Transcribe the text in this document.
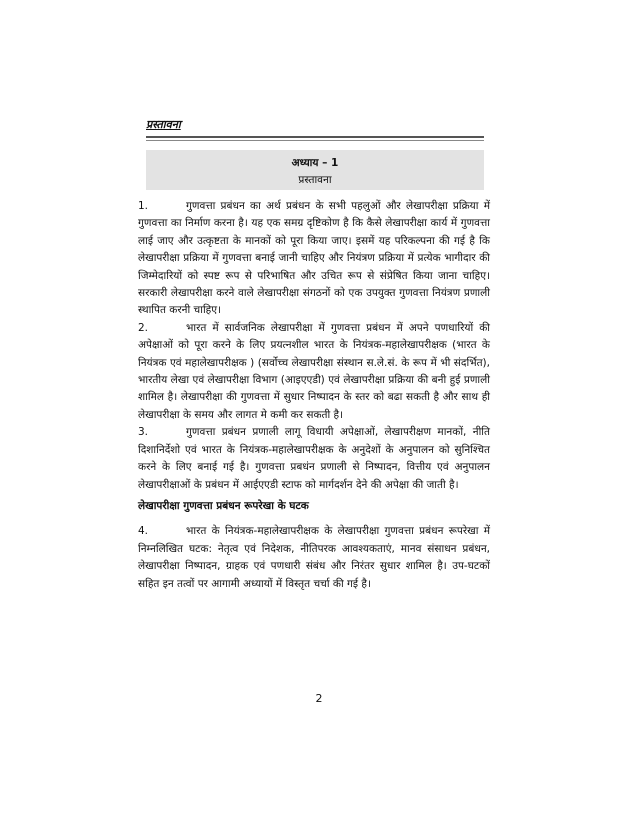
प्रस्तावना
अध्याय – 1
प्रस्तावना

1.	गुणवत्ता प्रबंधन का अर्थ प्रबंधन के सभी पहलुओं और लेखापरीक्षा प्रक्रिया में गुणवत्ता का निर्माण करना है। यह एक समग्र दृष्टिकोण है कि कैसे लेखापरीक्षा कार्य में गुणवत्ता लाई जाए और उत्कृष्टता के मानकों को पूरा किया जाए। इसमें यह परिकल्पना की गई है कि लेखापरीक्षा प्रक्रिया में गुणवत्ता बनाई जानी चाहिए और नियंत्रण प्रक्रिया में प्रत्येक भागीदार की जिम्मेदारियों को स्पष्ट रूप से परिभाषित और उचित रूप से संप्रेषित किया जाना चाहिए। सरकारी लेखापरीक्षा करने वाले लेखापरीक्षा संगठनों को एक उपयुक्त गुणवत्ता नियंत्रण प्रणाली स्थापित करनी चाहिए।

2.	भारत में सार्वजनिक लेखापरीक्षा में गुणवत्ता प्रबंधन में अपने पणधारियों की अपेक्षाओं को पूरा करने के लिए प्रयत्नशील भारत के नियंत्रक-महालेखापरीक्षक (भारत के नियंत्रक एवं महालेखापरीक्षक ) (सर्वोच्च लेखापरीक्षा संस्थान स.ले.सं. के रूप में भी संदर्भित), भारतीय लेखा एवं लेखापरीक्षा विभाग (आइएएडी) एवं लेखापरीक्षा प्रक्रिया की बनी हुई प्रणाली शामिल है। लेखापरीक्षा की गुणवत्ता में सुधार निष्पादन के स्तर को बढा सकती है और साथ ही लेखापरीक्षा के समय और लागत मे कमी कर सकती है।

3.	गुणवत्ता प्रबंधन प्रणाली लागू विधायी अपेक्षाओं, लेखापरीक्षण मानकों, नीति दिशानिर्देशो एवं भारत के नियंत्रक-महालेखापरीक्षक के अनुदेशों के अनुपालन को सुनिश्चित करने के लिए बनाई गई है। गुणवत्ता प्रबधंन प्रणाली से निष्पादन, वित्तीय एवं अनुपालन लेखापरीक्षाओं के प्रबंधन में आईएएडी स्टाफ को मार्गदर्शन देने की अपेक्षा की जाती है।

लेखापरीक्षा गुणवत्ता प्रबंधन रूपरेखा के घटक

4.	भारत के नियंत्रक-महालेखापरीक्षक के लेखापरीक्षा गुणवत्ता प्रबंधन रूपरेखा में निम्नलिखित घटक: नेतृत्व एवं निदेशक, नीतिपरक आवश्यकताएं, मानव संसाधन प्रबंधन, लेखापरीक्षा निष्पादन, ग्राहक एवं पणधारी संबंध और निरंतर सुधार शामिल है। उप-घटकों सहित इन तत्वों पर आगामी अध्यायों में विस्तृत चर्चा की गई है।

2
